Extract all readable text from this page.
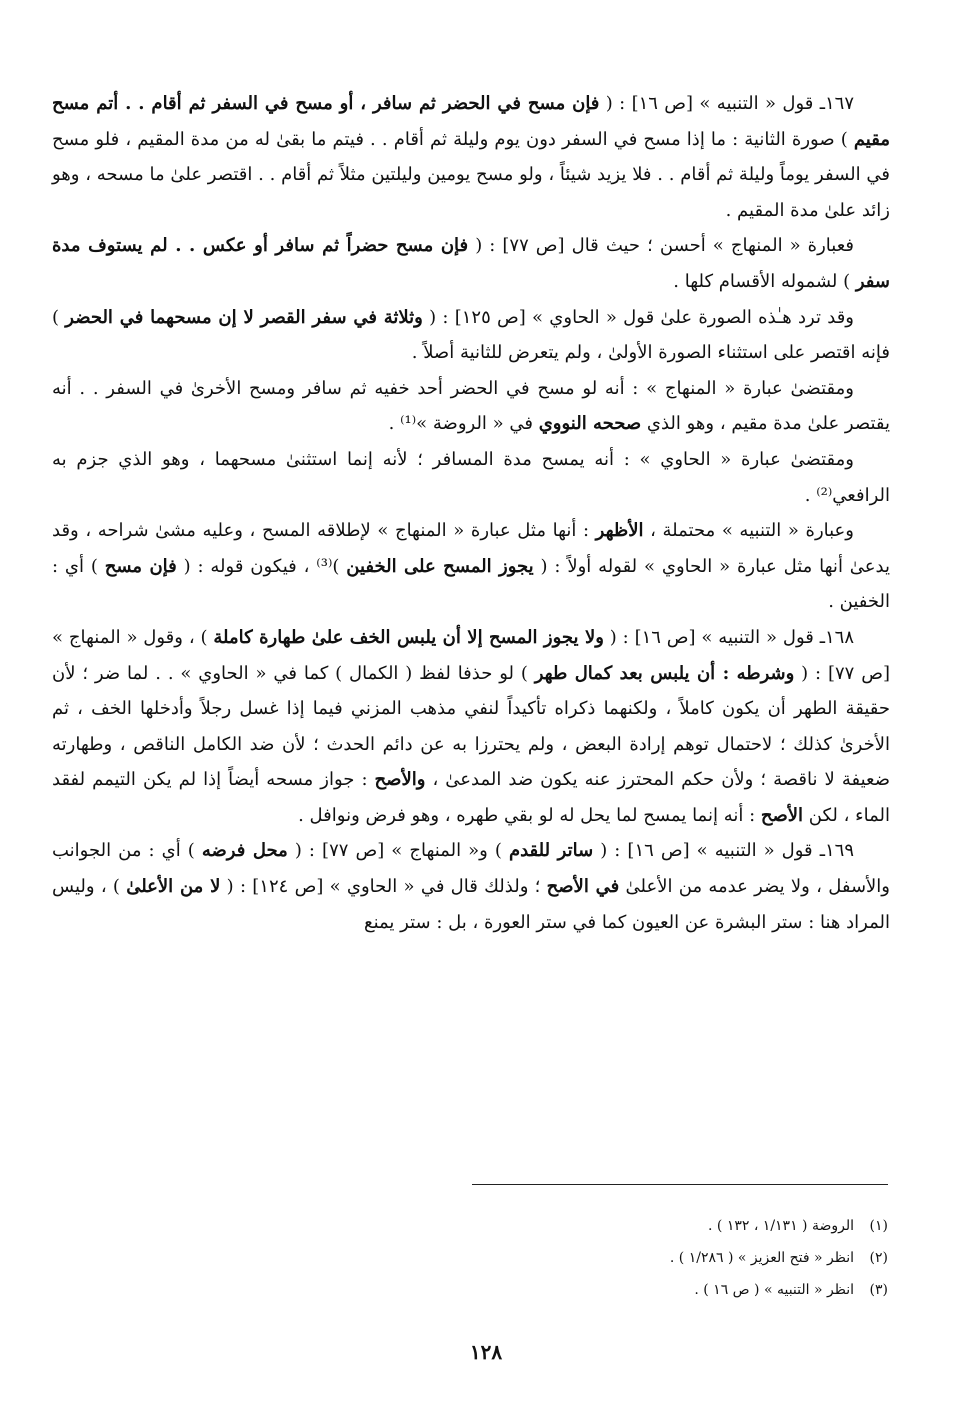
١٦٧ـ قول « التنبيه » [ص ١٦] : ( فإن مسح في الحضر ثم سافر ، أو مسح في السفر ثم أقام . . أتم مسح مقيم ) صورة الثانية : ما إذا مسح في السفر دون يوم وليلة ثم أقام . . فيتم ما بقىٰ له من مدة المقيم ، فلو مسح في السفر يوماً وليلة ثم أقام . . فلا يزيد شيئاً ، ولو مسح يومين وليلتين مثلاً ثم أقام . . اقتصر علىٰ ما مسحه ، وهو زائد علىٰ مدة المقيم .

فعبارة « المنهاج » أحسن ؛ حيث قال [ص ٧٧] : ( فإن مسح حضراً ثم سافر أو عكس . . لم يستوف مدة سفر ) لشموله الأقسام كلها .

وقد ترد هـٰذه الصورة علىٰ قول « الحاوي » [ص ١٢٥] : ( وثلاثة في سفر القصر لا إن مسحهما في الحضر ) فإنه اقتصر على استثناء الصورة الأولىٰ ، ولم يتعرض للثانية أصلاً .

ومقتضىٰ عبارة « المنهاج » : أنه لو مسح في الحضر أحد خفيه ثم سافر ومسح الأخرىٰ في السفر . . أنه يقتصر علىٰ مدة مقيم ، وهو الذي صححه النووي في « الروضة »⁽¹⁾ .

ومقتضىٰ عبارة « الحاوي » : أنه يمسح مدة المسافر ؛ لأنه إنما استثنىٰ مسحهما ، وهو الذي جزم به الرافعي⁽²⁾ .

وعبارة « التنبيه » محتملة ، الأظهر : أنها مثل عبارة « المنهاج » لإطلاقه المسح ، وعليه مشىٰ شراحه ، وقد يدعىٰ أنها مثل عبارة « الحاوي » لقوله أولاً : ( يجوز المسح على الخفين )⁽³⁾ ، فيكون قوله : ( فإن مسح ) أي : الخفين .

١٦٨ـ قول « التنبيه » [ص ١٦] : ( ولا يجوز المسح إلا أن يلبس الخف علىٰ طهارة كاملة ) ، وقول « المنهاج » [ص ٧٧] : ( وشرطه : أن يلبس بعد كمال طهر ) لو حذفا لفظ ( الكمال ) كما في « الحاوي » . . لما ضر ؛ لأن حقيقة الطهر أن يكون كاملاً ، ولكنهما ذكراه تأكيداً لنفي مذهب المزني فيما إذا غسل رجلاً وأدخلها الخف ، ثم الأخرىٰ كذلك ؛ لاحتمال توهم إرادة البعض ، ولم يحترزا به عن دائم الحدث ؛ لأن ضد الكامل الناقص ، وطهارته ضعيفة لا ناقصة ؛ ولأن حكم المحترز عنه يكون ضد المدعىٰ ، والأصح : جواز مسحه أيضاً إذا لم يكن التيمم لفقد الماء ، لكن الأصح : أنه إنما يمسح لما يحل له لو بقي طهره ، وهو فرض ونوافل .

١٦٩ـ قول « التنبيه » [ص ١٦] : ( ساتر للقدم ) و« المنهاج » [ص ٧٧] : ( محل فرضه ) أي : من الجوانب والأسفل ، ولا يضر عدمه من الأعلىٰ في الأصح ؛ ولذلك قال في « الحاوي » [ص ١٢٤] : ( لا من الأعلىٰ ) ، وليس المراد هنا : ستر البشرة عن العيون كما في ستر العورة ، بل : ستر يمنع

(١)الروضة ( ١/١٣١ ، ١٣٢ ) .

(٢)انظر « فتح العزيز » ( ١/٢٨٦ ) .

(٣)انظر « التنبيه » ( ص ١٦ ) .

١٢٨
